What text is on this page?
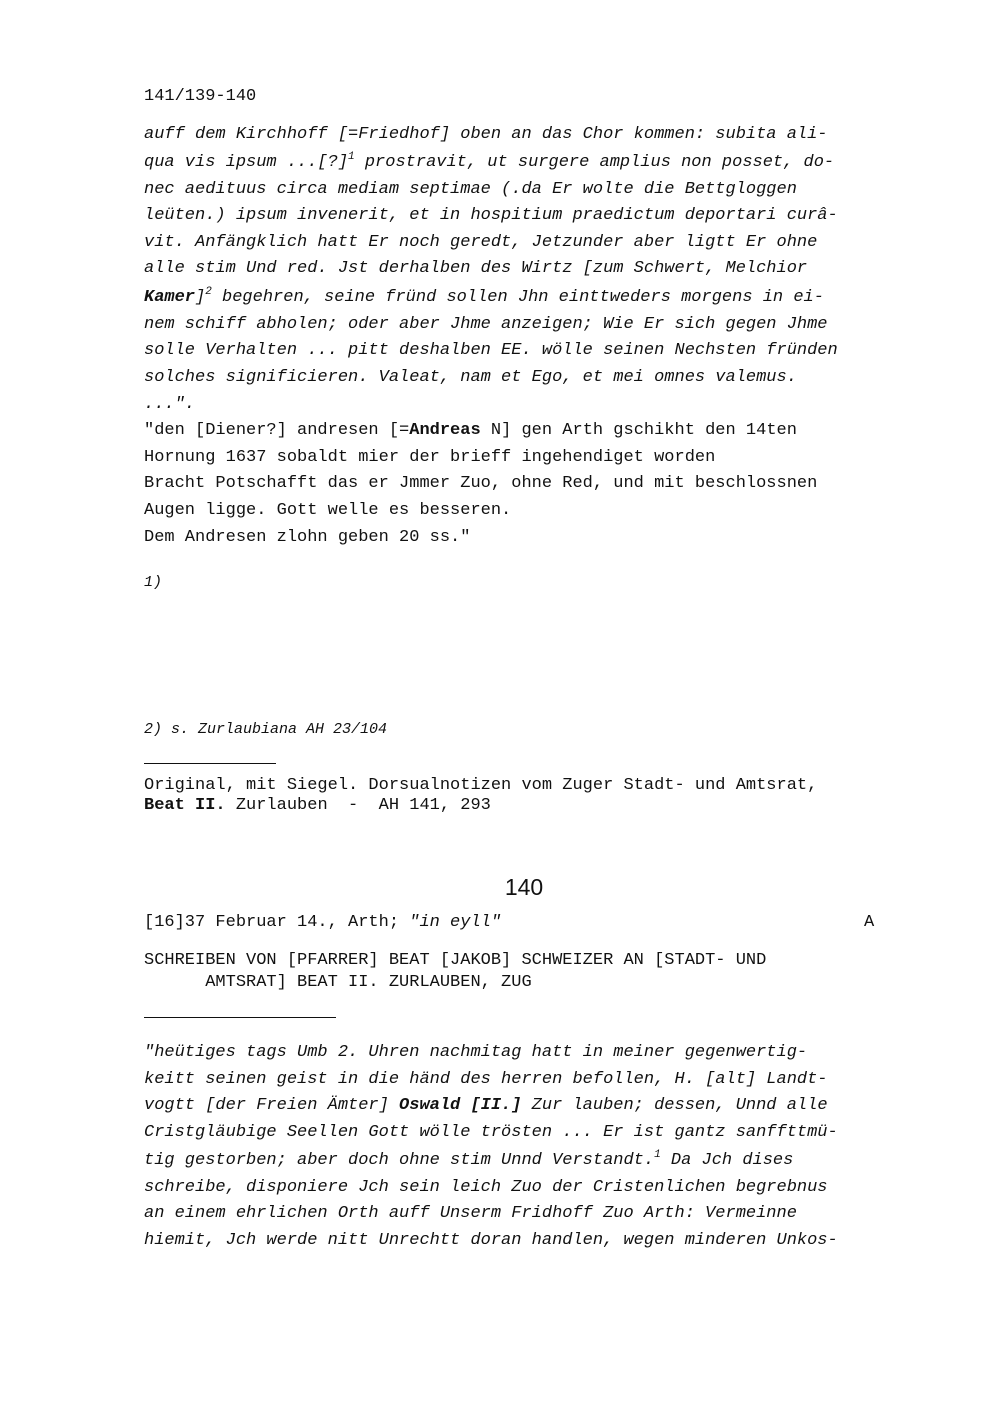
141/139-140
auff dem Kirchhoff [=Friedhof] oben an das Chor kommen: subita ali-
qua vis ipsum ...[?]$^1$ prostravit, ut surgere amplius non posset, do-
nec aedituus circa mediam septimae (.da Er wolte die Bettgloggen
leüten.) ipsum invenerit, et in hospitium praedictum deportari curâ-
vit. Anfängklich hatt Er noch geredt, Jetzunder aber ligtt Er ohne
alle stim Und red. Jst derhalben des Wirtz [zum Schwert, Melchior
Kamer]$^2$ begehren, seine fründ sollen Jhn einttweders morgens in ei-
nem schiff abholen; oder aber Jhme anzeigen; Wie Er sich gegen Jhme
solle Verhalten ... pitt deshalben EE. wölle seinen Nechsten fründen
solches significieren. Valeat, nam et Ego, et mei omnes valemus.
...".
"den [Diener?] andresen [=Andreas N] gen Arth gschikht den 14ten
Hornung 1637 sobaldt mier der brieff ingehendiget worden
Bracht Potschafft das er Jmmer Zuo, ohne Red, und mit beschlossnen
Augen ligge. Gott welle es besseren.
Dem Andresen zlohn geben 20 ss."
1)
2) s. Zurlaubiana AH 23/104
Original, mit Siegel. Dorsualnotizen vom Zuger Stadt- und Amtsrat,
Beat II. Zurlauben  -  AH 141, 293
140
[16]37 Februar 14., Arth; "in eyll"	A
SCHREIBEN VON [PFARRER] BEAT [JAKOB] SCHWEIZER AN [STADT- UND
AMTSRAT] BEAT II. ZURLAUBEN, ZUG
"heütiges tags Umb 2. Uhren nachmitag hatt in meiner gegenwertig-
keitt seinen geist in die händ des herren befollen, H. [alt] Landt-
vogtt [der Freien Ämter] Oswald [II.] Zur lauben; dessen, Unnd alle
Cristgläubige Seellen Gott wölle trösten ... Er ist gantz sanffttmü-
tig gestorben; aber doch ohne stim Unnd Verstandt.$^1$ Da Jch dises
schreibe, disponiere Jch sein leich Zuo der Cristenlichen begrebnus
an einem ehrlichen Orth auff Unserm Fridhoff Zuo Arth: Vermeinne
hiemit, Jch werde nitt Unrechtt doran handlen, wegen minderen Unkos-
